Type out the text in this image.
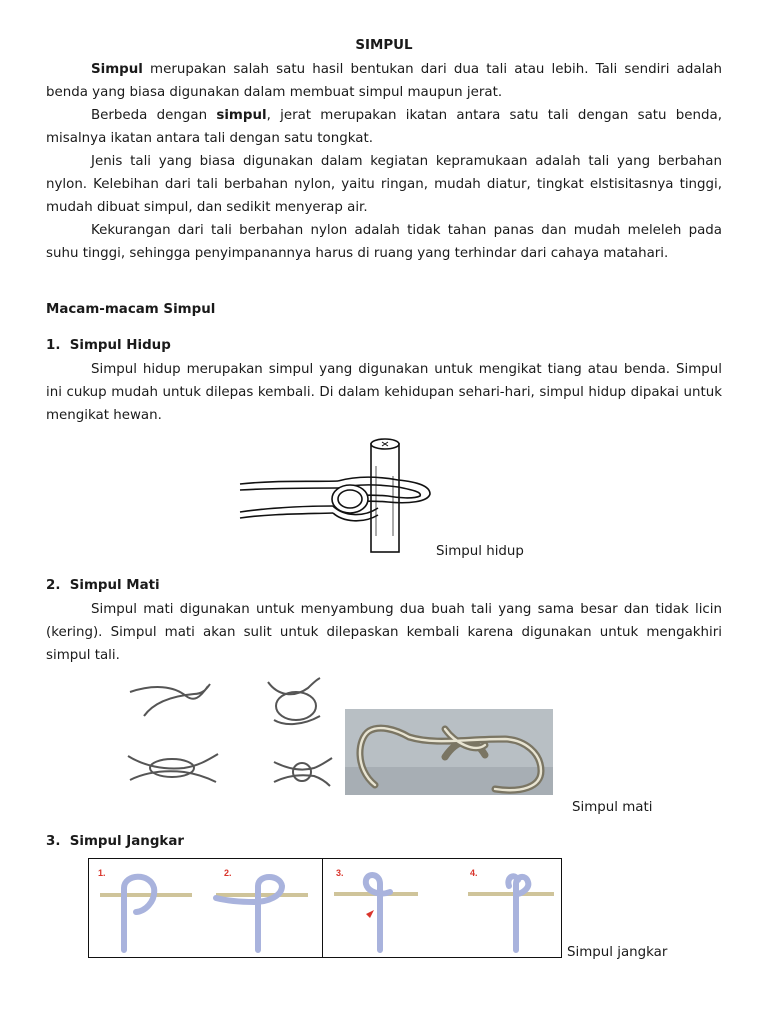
SIMPUL

Simpul merupakan salah satu hasil bentukan dari dua tali atau lebih. Tali sendiri adalah benda yang biasa digunakan dalam membuat simpul maupun jerat.

Berbeda dengan simpul, jerat merupakan ikatan antara satu tali dengan satu benda, misalnya ikatan antara tali dengan satu tongkat.

Jenis tali yang biasa digunakan dalam kegiatan kepramukaan adalah tali yang berbahan nylon. Kelebihan dari tali berbahan nylon, yaitu ringan, mudah diatur, tingkat elstisitasnya tinggi, mudah dibuat simpul, dan sedikit menyerap air.

Kekurangan dari tali berbahan nylon adalah tidak tahan panas dan mudah meleleh pada suhu tinggi, sehingga penyimpanannya harus di ruang yang terhindar dari cahaya matahari.

Macam-macam Simpul

1.  Simpul Hidup

Simpul hidup merupakan simpul yang digunakan untuk mengikat tiang atau benda. Simpul ini cukup mudah untuk dilepas kembali. Di dalam kehidupan sehari-hari, simpul hidup dipakai untuk mengikat hewan.

Simpul hidup

2.  Simpul Mati

Simpul mati digunakan untuk menyambung dua buah tali yang sama besar dan tidak licin (kering). Simpul mati akan sulit untuk dilepaskan kembali karena digunakan untuk mengakhiri simpul tali.

Simpul mati

3.  Simpul Jangkar

1.	2.	3.	4.

Simpul jangkar
